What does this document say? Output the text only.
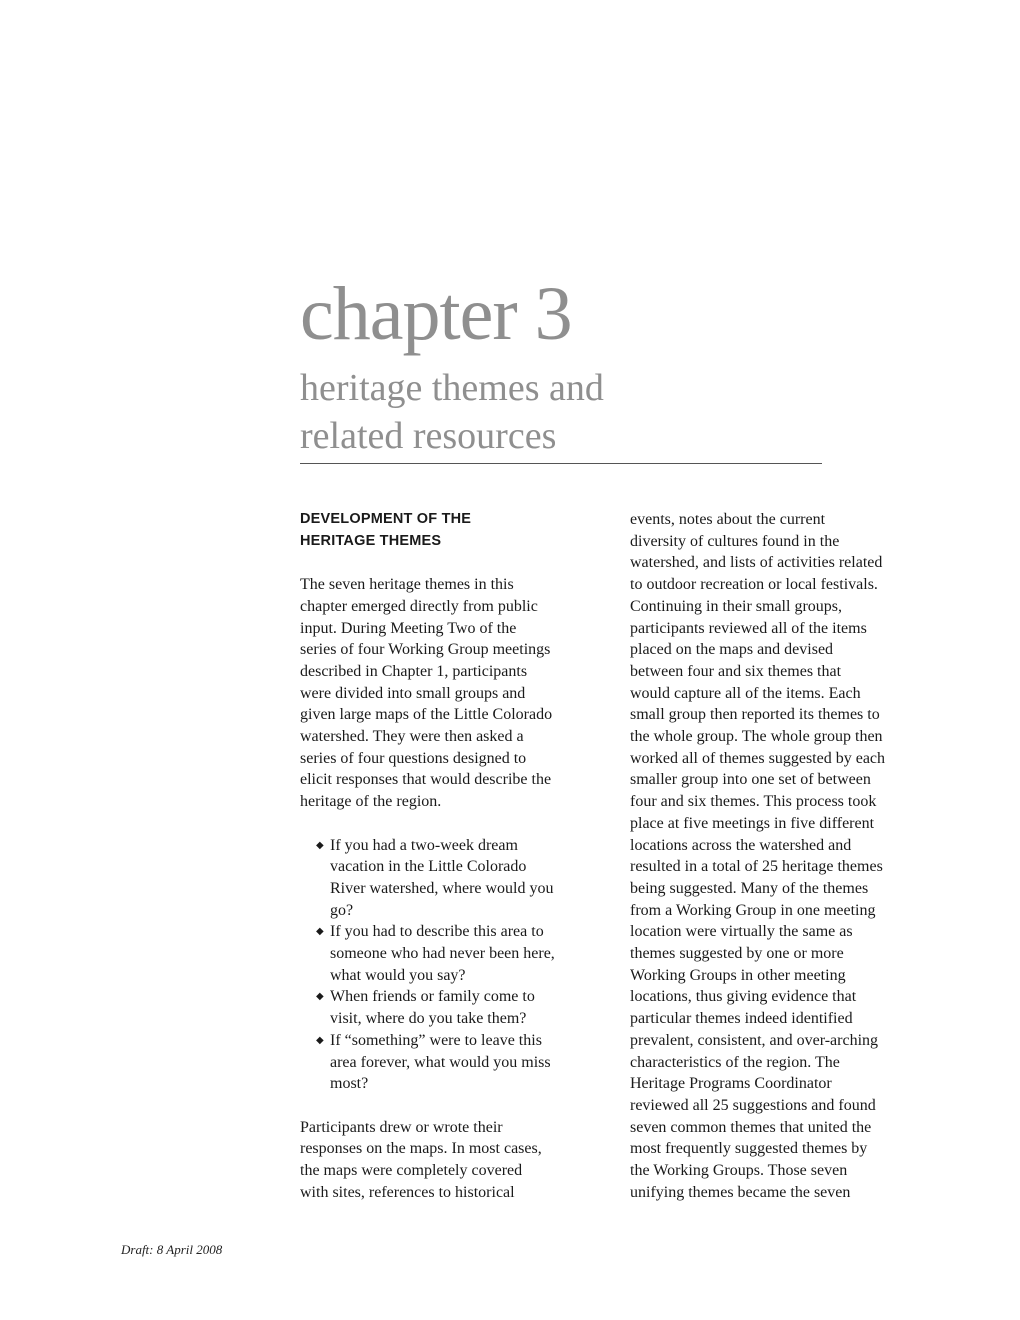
chapter 3
heritage themes and
related resources
DEVELOPMENT OF THE
HERITAGE THEMES

The seven heritage themes in this
chapter emerged directly from public
input. During Meeting Two of the
series of four Working Group meetings
described in Chapter 1, participants
were divided into small groups and
given large maps of the Little Colorado
watershed. They were then asked a
series of four questions designed to
elicit responses that would describe the
heritage of the region.

◆ If you had a two-week dream
vacation in the Little Colorado
River watershed, where would you
go?
◆ If you had to describe this area to
someone who had never been here,
what would you say?
◆ When friends or family come to
visit, where do you take them?
◆ If “something” were to leave this
area forever, what would you miss
most?

Participants drew or wrote their
responses on the maps. In most cases,
the maps were completely covered
with sites, references to historical

events, notes about the current
diversity of cultures found in the
watershed, and lists of activities related
to outdoor recreation or local festivals.
Continuing in their small groups,
participants reviewed all of the items
placed on the maps and devised
between four and six themes that
would capture all of the items. Each
small group then reported its themes to
the whole group. The whole group then
worked all of themes suggested by each
smaller group into one set of between
four and six themes. This process took
place at five meetings in five different
locations across the watershed and
resulted in a total of 25 heritage themes
being suggested. Many of the themes
from a Working Group in one meeting
location were virtually the same as
themes suggested by one or more
Working Groups in other meeting
locations, thus giving evidence that
particular themes indeed identified
prevalent, consistent, and over-arching
characteristics of the region. The
Heritage Programs Coordinator
reviewed all 25 suggestions and found
seven common themes that united the
most frequently suggested themes by
the Working Groups. Those seven
unifying themes became the seven

Draft: 8 April 2008
